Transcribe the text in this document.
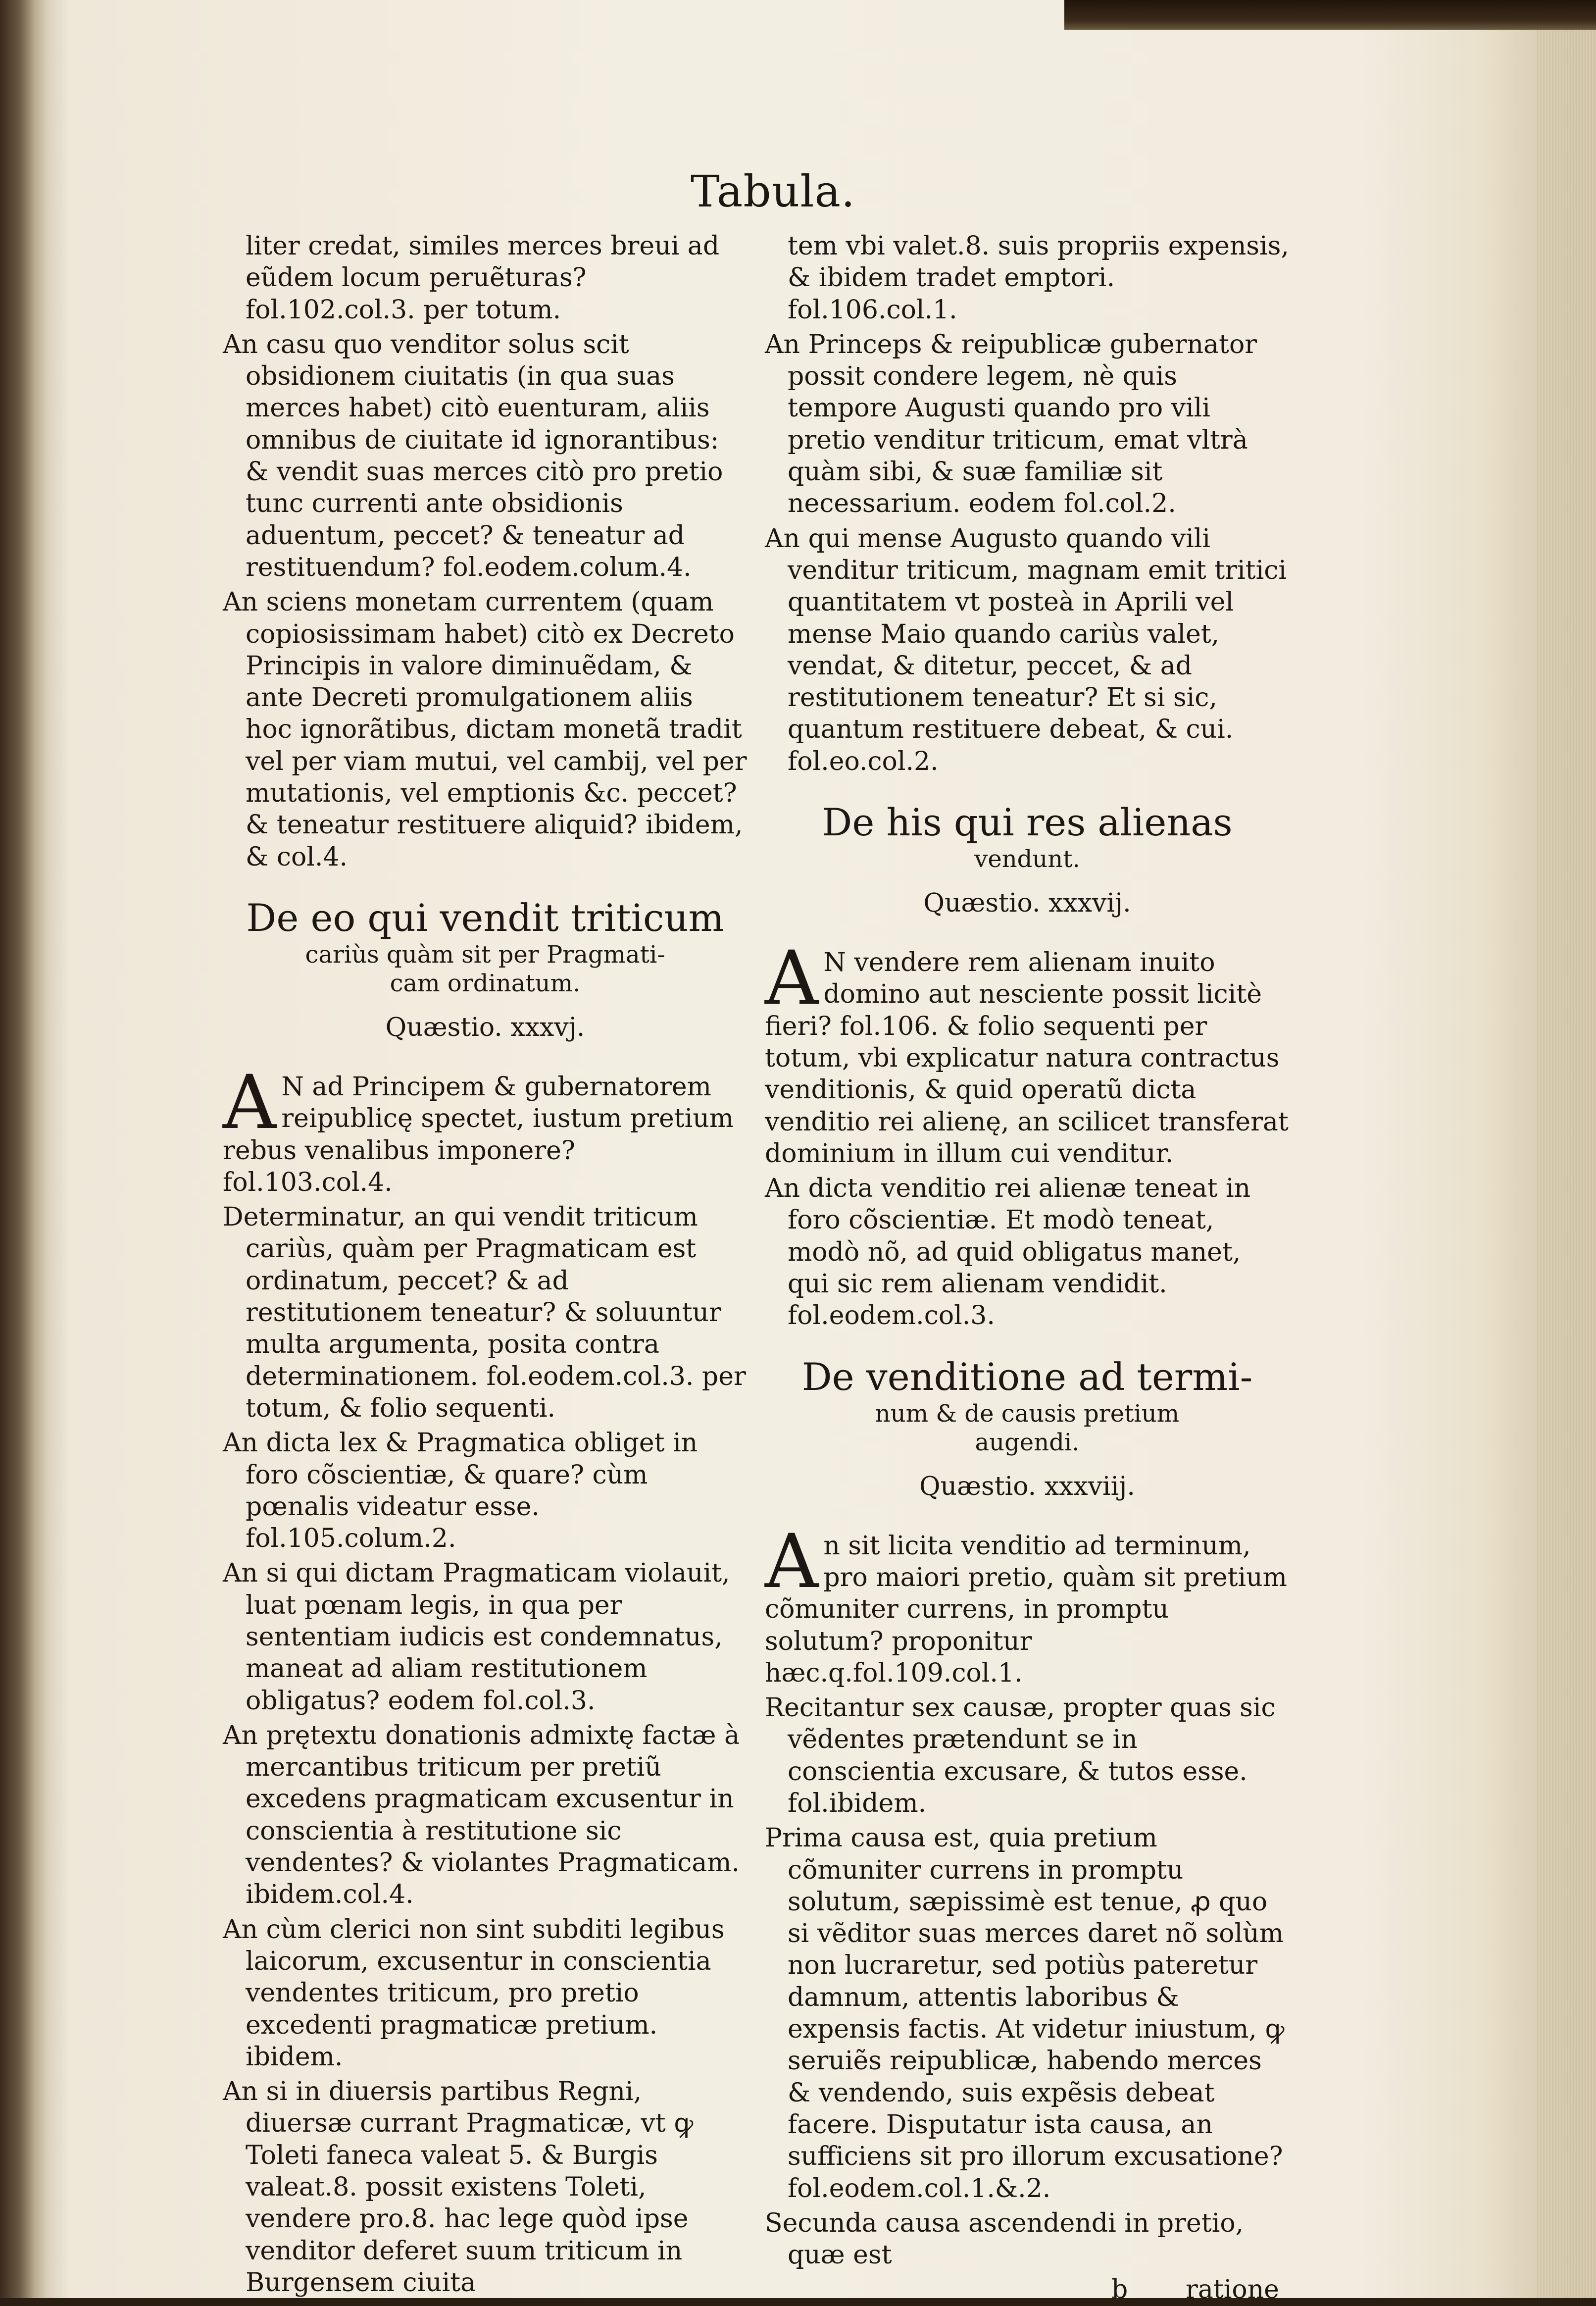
Tabula.
liter credat, similes merces breui ad eũdem locum peruẽturas? fol.102.col.3. per totum.
An casu quo venditor solus scit obsidionem ciuitatis (in qua suas merces habet) citò euenturam, aliis omnibus de ciuitate id ignorantibus: & vendit suas merces citò pro pretio tunc currenti ante obsidionis aduentum, peccet? & teneatur ad restituendum? fol.eodem.colum.4.
An sciens monetam currentem (quam copiosissimam habet) citò ex Decreto Principis in valore diminuẽdam, & ante Decreti promulgationem aliis hoc ignorãtibus, dictam monetã tradit vel per viam mutui, vel cambij, vel per mutationis, vel emptionis &c. peccet? & teneatur restituere aliquid? ibidem, & col.4.
De eo qui vendit triticum
cariùs quàm sit per Pragmati-
cam ordinatum.
Quæstio. xxxvj.
A N ad Principem & gubernatorem reipublicę spectet, iustum pretium rebus venalibus imponere? fol.103.col.4.
Determinatur, an qui vendit triticum cariùs, quàm per Pragmaticam est ordinatum, peccet? & ad restitutionem teneatur? & soluuntur multa argumenta, posita contra determinationem. fol.eodem.col.3. per totum, & folio sequenti.
An dicta lex & Pragmatica obliget in foro cõscientiæ, & quare? cùm pœnalis videatur esse. fol.105.colum.2.
An si qui dictam Pragmaticam violauit, luat pœnam legis, in qua per sententiam iudicis est condemnatus, maneat ad aliam restitutionem obligatus? eodem fol.col.3.
An prętextu donationis admixtę factæ à mercantibus triticum per pretiũ excedens pragmaticam excusentur in conscientia à restitutione sic vendentes? & violantes Pragmaticam. ibidem.col.4.
An cùm clerici non sint subditi legibus laicorum, excusentur in conscientia vendentes triticum, pro pretio excedenti pragmaticæ pretium. ibidem.
An si in diuersis partibus Regni, diuersæ currant Pragmaticæ, vt ꝙ Toleti faneca valeat 5. & Burgis valeat.8. possit existens Toleti, vendere pro.8. hac lege quòd ipse venditor deferet suum triticum in Burgensem ciuita
tem vbi valet.8. suis propriis expensis, & ibidem tradet emptori. fol.106.col.1.
An Princeps & reipublicæ gubernator possit condere legem, nè quis tempore Augusti quando pro vili pretio venditur triticum, emat vltrà quàm sibi, & suæ familiæ sit necessarium. eodem fol.col.2.
An qui mense Augusto quando vili venditur triticum, magnam emit tritici quantitatem vt posteà in Aprili vel mense Maio quando cariùs valet, vendat, & ditetur, peccet, & ad restitutionem teneatur? Et si sic, quantum restituere debeat, & cui. fol.eo.col.2.
De his qui res alienas
vendunt.
Quæstio. xxxvij.
A N vendere rem alienam inuito domino aut nesciente possit licitè fieri? fol.106. & folio sequenti per totum, vbi explicatur natura contractus venditionis, & quid operatũ dicta venditio rei alienę, an scilicet transferat dominium in illum cui venditur.
An dicta venditio rei alienæ teneat in foro cõscientiæ. Et modò teneat, modò nõ, ad quid obligatus manet, qui sic rem alienam vendidit. fol.eodem.col.3.
De venditione ad termi-
num & de causis pretium
augendi.
Quæstio. xxxviij.
A n sit licita venditio ad terminum, pro maiori pretio, quàm sit pretium cõmuniter currens, in promptu solutum? proponitur hæc.q.fol.109.col.1.
Recitantur sex causæ, propter quas sic vẽdentes prætendunt se in conscientia excusare, & tutos esse. fol.ibidem.
Prima causa est, quia pretium cõmuniter currens in promptu solutum, sæpissimè est tenue, ꝓ quo si vẽditor suas merces daret nõ solùm non lucraretur, sed potiùs pateretur damnum, attentis laboribus & expensis factis. At videtur iniustum, ꝙ seruiẽs reipublicæ, habendo merces & vendendo, suis expẽsis debeat facere. Disputatur ista causa, an sufficiens sit pro illorum excusatione? fol.eodem.col.1.&.2.
Secunda causa ascendendi in pretio, quæ est
b ratione
